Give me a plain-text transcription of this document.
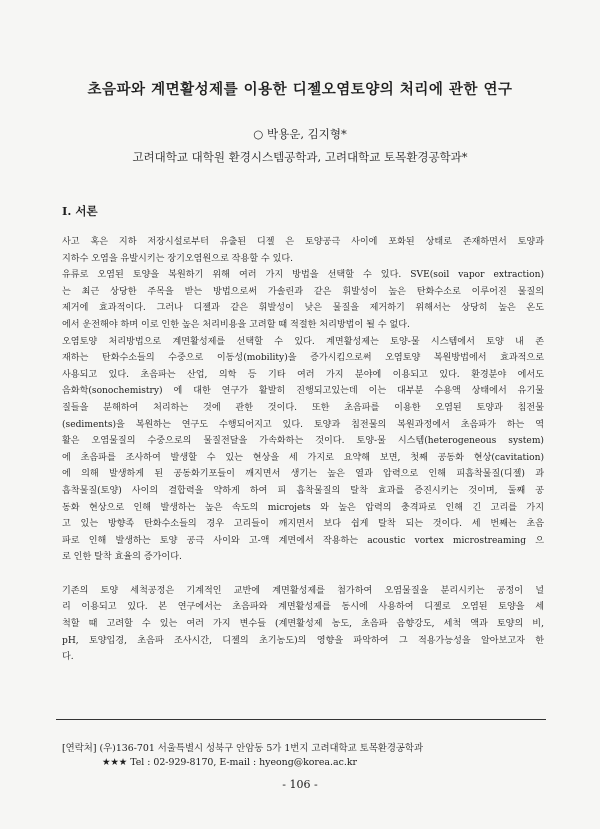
초음파와 계면활성제를 이용한 디젤오염토양의 처리에 관한 연구
○ 박용운, 김지형*
고려대학교 대학원 환경시스템공학과, 고려대학교 토목환경공학과*
Ⅰ. 서론
사고 혹은 지하 저장시설로부터 유출된 디젤 은 토양공극 사이에 포화된 상태로 존재하면서 토양과
지하수 오염을 유발시키는 장기오염원으로 작용할 수 있다.
유류로 오염된 토양을 복원하기 위해 여러 가지 방법을 선택할 수 있다. SVE(soil vapor extraction)
는 최근 상당한 주목을 받는 방법으로써 가솔린과 같은 휘발성이 높은 탄화수소로 이루어진 물질의
제거에 효과적이다. 그러나 디젤과 같은 휘발성이 낮은 물질을 제거하기 위해서는 상당히 높은 온도
에서 운전해야 하며 이로 인한 높은 처리비용을 고려할 때 적절한 처리방법이 될 수 없다.
오염토양 처리방법으로 계면활성제를 선택할 수 있다. 계면활성제는 토양-물 시스템에서 토양 내 존
재하는 탄화수소들의 수중으로 이동성(mobility)을 증가시킴으로써 오염토양 복원방법에서 효과적으로
사용되고 있다. 초음파는 산업, 의학 등 기타 여러 가지 분야에 이용되고 있다. 환경분야 에서도
음화학(sonochemistry) 에 대한 연구가 활발히 진행되고있는데 이는 대부분 수용액 상태에서 유기물
질들을 분해하여 처리하는 것에 관한 것이다. 또한 초음파를 이용한 오염된 토양과 침전물
(sediments)을 복원하는 연구도 수행되어지고 있다. 토양과 침전물의 복원과정에서 초음파가 하는 역
활은 오염물질의 수중으로의 물질전달을 가속화하는 것이다. 토양-물 시스템(heterogeneous system)
에 초음파를 조사하여 발생할 수 있는 현상을 세 가지로 요약해 보면, 첫째 공동화 현상(cavitation)
에 의해 발생하게 된 공동화기포들이 깨지면서 생기는 높은 열과 압력으로 인해 피흡착물질(디젤) 과
흡착물질(토양) 사이의 결합력을 약하게 하여 피 흡착물질의 탈착 효과를 증진시키는 것이며, 둘째 공
동화 현상으로 인해 발생하는 높은 속도의 microjets 와 높은 압력의 충격파로 인해 긴 고리를 가지
고 있는 방향족 탄화수소들의 경우 고리들이 깨지면서 보다 쉽게 탈착 되는 것이다. 세 번째는 초음
파로 인해 발생하는 토양 공극 사이와 고-액 계면에서 작용하는 acoustic vortex microstreaming 으
로 인한 탈착 효율의 증가이다.
기존의 토양 세척공정은 기계적인 교반에 계면활성제를 첨가하여 오염물질을 분리시키는 공정이 널
리 이용되고 있다. 본 연구에서는 초음파와 계면활성제를 동시에 사용하여 디젤로 오염된 토양을 세
척할 때 고려할 수 있는 여러 가지 변수들 (계면활성제 농도, 초음파 음향강도, 세척 액과 토양의 비,
pH, 토양입경, 초음파 조사시간, 디젤의 초기농도)의 영향을 파악하여 그 적용가능성을 알아보고자 한
다.
[연락처] (우)136-701 서울특별시 성북구 안암동 5가 1번지 고려대학교 토목환경공학과
★★★ Tel : 02-929-8170, E-mail : hyeong@korea.ac.kr
- 106 -
